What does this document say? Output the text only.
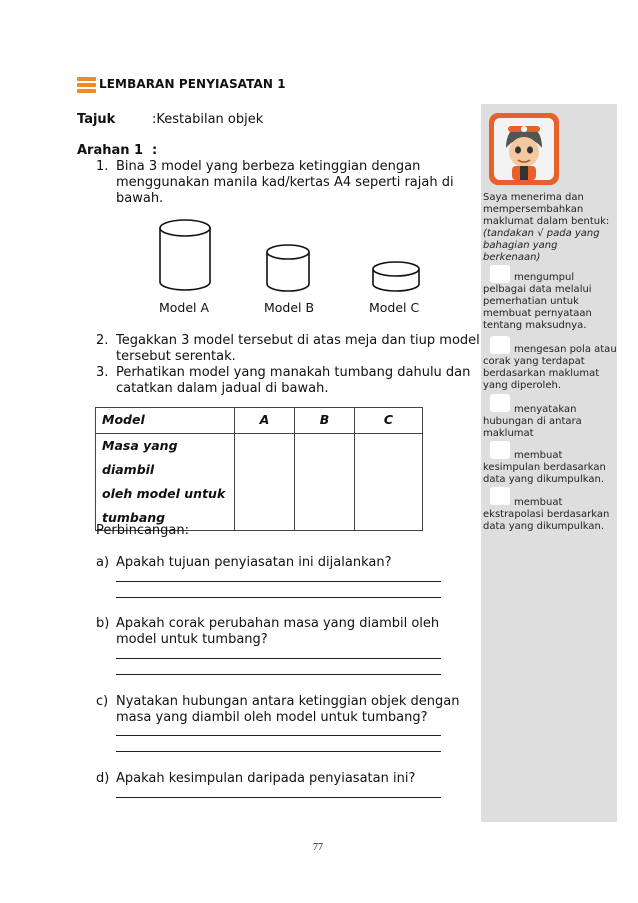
LEMBARAN PENYIASATAN 1
Tajuk	:Kestabilan objek
Arahan 1 :
1. Bina 3 model yang berbeza ketinggian dengan
menggunakan manila kad/kertas A4 seperti rajah di
bawah.
Model A	Model B	Model C
2. Tegakkan 3 model tersebut di atas meja dan tiup model
tersebut serentak.
3. Perhatikan model yang manakah tumbang dahulu dan
catatkan dalam jadual di bawah.
Model	A	B	C

Masa yang diambil
oleh model untuk
tumbang			

Perbincangan:
a) Apakah tujuan penyiasatan ini dijalankan?
b) Apakah corak perubahan masa yang diambil oleh
model untuk tumbang?
c) Nyatakan hubungan antara ketinggian objek dengan
masa yang diambil oleh model untuk tumbang?
d) Apakah kesimpulan daripada penyiasatan ini?
77
Saya menerima dan
mempersembahkan
maklumat dalam bentuk:
(tandakan √ pada yang
bahagian yang
berkenaan)
mengumpul
pelbagai data melalui
pemerhatian untuk
membuat pernyataan
tentang maksudnya.
mengesan pola atau
corak yang terdapat
berdasarkan maklumat
yang diperoleh.
menyatakan
hubungan di antara
maklumat
membuat
kesimpulan berdasarkan
data yang dikumpulkan.
membuat
ekstrapolasi berdasarkan
data yang dikumpulkan.
